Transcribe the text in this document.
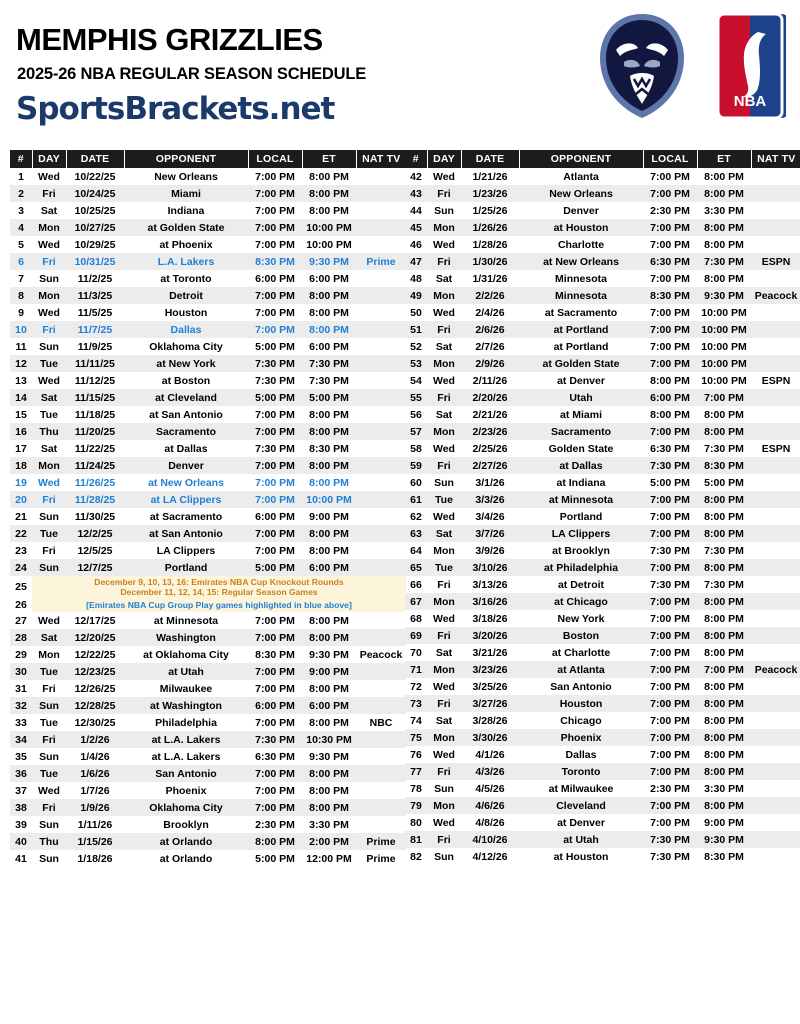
MEMPHIS GRIZZLIES
2025-26 NBA REGULAR SEASON SCHEDULE
SportsBrackets.net	NBA
#	DAY	DATE	OPPONENT	LOCAL	ET	NAT TV
1	Wed	10/22/25	New Orleans	7:00 PM	8:00 PM	
2	Fri	10/24/25	Miami	7:00 PM	8:00 PM	
3	Sat	10/25/25	Indiana	7:00 PM	8:00 PM	
4	Mon	10/27/25	at Golden State	7:00 PM	10:00 PM	
5	Wed	10/29/25	at Phoenix	7:00 PM	10:00 PM	
6	Fri	10/31/25	L.A. Lakers	8:30 PM	9:30 PM	Prime
7	Sun	11/2/25	at Toronto	6:00 PM	6:00 PM	
8	Mon	11/3/25	Detroit	7:00 PM	8:00 PM	
9	Wed	11/5/25	Houston	7:00 PM	8:00 PM	
10	Fri	11/7/25	Dallas	7:00 PM	8:00 PM	
11	Sun	11/9/25	Oklahoma City	5:00 PM	6:00 PM	
12	Tue	11/11/25	at New York	7:30 PM	7:30 PM	
13	Wed	11/12/25	at Boston	7:30 PM	7:30 PM	
14	Sat	11/15/25	at Cleveland	5:00 PM	5:00 PM	
15	Tue	11/18/25	at San Antonio	7:00 PM	8:00 PM	
16	Thu	11/20/25	Sacramento	7:00 PM	8:00 PM	
17	Sat	11/22/25	at Dallas	7:30 PM	8:30 PM	
18	Mon	11/24/25	Denver	7:00 PM	8:00 PM	
19	Wed	11/26/25	at New Orleans	7:00 PM	8:00 PM	
20	Fri	11/28/25	at LA Clippers	7:00 PM	10:00 PM	
21	Sun	11/30/25	at Sacramento	6:00 PM	9:00 PM	
22	Tue	12/2/25	at San Antonio	7:00 PM	8:00 PM	
23	Fri	12/5/25	LA Clippers	7:00 PM	8:00 PM	
24	Sun	12/7/25	Portland	5:00 PM	6:00 PM	
25	December 9, 10, 13, 16: Emirates NBA Cup Knockout Rounds
December 11, 12, 14, 15: Regular Season Games					

26	[Emirates NBA Cup Group Play games highlighted in blue above]					
27	Wed	12/17/25	at Minnesota	7:00 PM	8:00 PM	
28	Sat	12/20/25	Washington	7:00 PM	8:00 PM	
29	Mon	12/22/25	at Oklahoma City	8:30 PM	9:30 PM	Peacock
30	Tue	12/23/25	at Utah	7:00 PM	9:00 PM	
31	Fri	12/26/25	Milwaukee	7:00 PM	8:00 PM	
32	Sun	12/28/25	at Washington	6:00 PM	6:00 PM	
33	Tue	12/30/25	Philadelphia	7:00 PM	8:00 PM	NBC
34	Fri	1/2/26	at L.A. Lakers	7:30 PM	10:30 PM	
35	Sun	1/4/26	at L.A. Lakers	6:30 PM	9:30 PM	
36	Tue	1/6/26	San Antonio	7:00 PM	8:00 PM	
37	Wed	1/7/26	Phoenix	7:00 PM	8:00 PM	
38	Fri	1/9/26	Oklahoma City	7:00 PM	8:00 PM	
39	Sun	1/11/26	Brooklyn	2:30 PM	3:30 PM	
40	Thu	1/15/26	at Orlando	8:00 PM	2:00 PM	Prime
41	Sun	1/18/26	at Orlando	5:00 PM	12:00 PM	Prime
#	DAY	DATE	OPPONENT	LOCAL	ET	NAT TV
42	Wed	1/21/26	Atlanta	7:00 PM	8:00 PM	
43	Fri	1/23/26	New Orleans	7:00 PM	8:00 PM	
44	Sun	1/25/26	Denver	2:30 PM	3:30 PM	
45	Mon	1/26/26	at Houston	7:00 PM	8:00 PM	
46	Wed	1/28/26	Charlotte	7:00 PM	8:00 PM	
47	Fri	1/30/26	at New Orleans	6:30 PM	7:30 PM	ESPN
48	Sat	1/31/26	Minnesota	7:00 PM	8:00 PM	
49	Mon	2/2/26	Minnesota	8:30 PM	9:30 PM	Peacock
50	Wed	2/4/26	at Sacramento	7:00 PM	10:00 PM	
51	Fri	2/6/26	at Portland	7:00 PM	10:00 PM	
52	Sat	2/7/26	at Portland	7:00 PM	10:00 PM	
53	Mon	2/9/26	at Golden State	7:00 PM	10:00 PM	
54	Wed	2/11/26	at Denver	8:00 PM	10:00 PM	ESPN
55	Fri	2/20/26	Utah	6:00 PM	7:00 PM	
56	Sat	2/21/26	at Miami	8:00 PM	8:00 PM	
57	Mon	2/23/26	Sacramento	7:00 PM	8:00 PM	
58	Wed	2/25/26	Golden State	6:30 PM	7:30 PM	ESPN
59	Fri	2/27/26	at Dallas	7:30 PM	8:30 PM	
60	Sun	3/1/26	at Indiana	5:00 PM	5:00 PM	
61	Tue	3/3/26	at Minnesota	7:00 PM	8:00 PM	
62	Wed	3/4/26	Portland	7:00 PM	8:00 PM	
63	Sat	3/7/26	LA Clippers	7:00 PM	8:00 PM	
64	Mon	3/9/26	at Brooklyn	7:30 PM	7:30 PM	
65	Tue	3/10/26	at Philadelphia	7:00 PM	8:00 PM	
66	Fri	3/13/26	at Detroit	7:30 PM	7:30 PM	
67	Mon	3/16/26	at Chicago	7:00 PM	8:00 PM	
68	Wed	3/18/26	New York	7:00 PM	8:00 PM	
69	Fri	3/20/26	Boston	7:00 PM	8:00 PM	
70	Sat	3/21/26	at Charlotte	7:00 PM	8:00 PM	
71	Mon	3/23/26	at Atlanta	7:00 PM	7:00 PM	Peacock
72	Wed	3/25/26	San Antonio	7:00 PM	8:00 PM	
73	Fri	3/27/26	Houston	7:00 PM	8:00 PM	
74	Sat	3/28/26	Chicago	7:00 PM	8:00 PM	
75	Mon	3/30/26	Phoenix	7:00 PM	8:00 PM	
76	Wed	4/1/26	Dallas	7:00 PM	8:00 PM	
77	Fri	4/3/26	Toronto	7:00 PM	8:00 PM	
78	Sun	4/5/26	at Milwaukee	2:30 PM	3:30 PM	
79	Mon	4/6/26	Cleveland	7:00 PM	8:00 PM	
80	Wed	4/8/26	at Denver	7:00 PM	9:00 PM	
81	Fri	4/10/26	at Utah	7:30 PM	9:30 PM	
82	Sun	4/12/26	at Houston	7:30 PM	8:30 PM	
